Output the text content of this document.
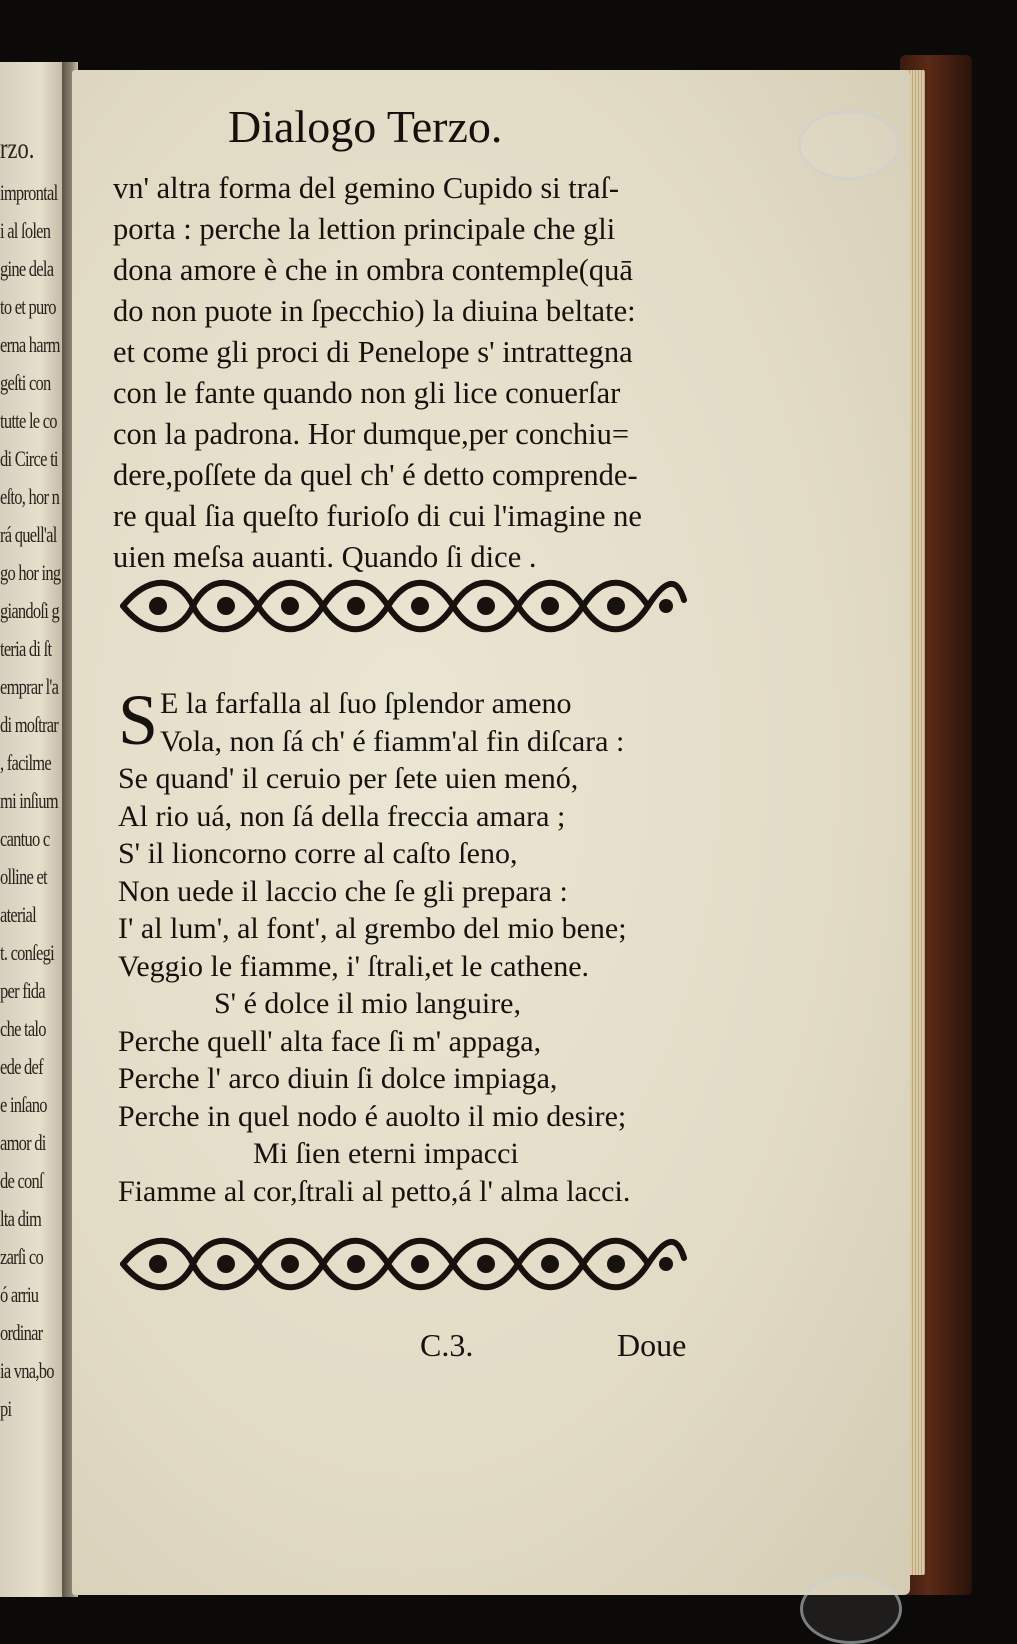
rzo.
improntal
i al ſolen
gine dela
to et puro
erna harm
geſti con
tutte le co
di Circe ti
eſto, hor n
rá quell'al
go hor ing
giandoſi g
teria di ſt
emprar l'a
di moſtrar
, facilme
mi inſium
cantuo c
olline et
aterial
t. conſegi
per fida
che talo
ede def
e inſano
amor di
de conſ
lta dim
zarſi co
ó arriu
ordinar
ia vna,bo
pi
Dialogo Terzo.
vn' altra forma del gemino Cupido si traſ-
porta : perche la lettion principale che gli
dona amore è che in ombra contemple(quā
do non puote in ſpecchio) la diuina beltate:
et come gli proci di Penelope s' intrattegna
con le fante quando non gli lice conuerſar
con la padrona. Hor dumque,per conchiu=
dere,poſſete da quel ch' é detto comprende-
re qual ſia queſto furioſo di cui l'imagine ne
uien meſsa auanti. Quando ſi dice .
S E la farfalla al ſuo ſplendor ameno
Vola, non ſá ch' é fiamm'al fin diſcara :
Se quand' il ceruio per ſete uien menó,
Al rio uá, non ſá della freccia amara ;
S' il lioncorno corre al caſto ſeno,
Non uede il laccio che ſe gli prepara :
I' al lum', al font', al grembo del mio bene;
Veggio le fiamme, i' ſtrali,et le cathene.
S' é dolce il mio languire,
Perche quell' alta face ſi m' appaga,
Perche l' arco diuin ſi dolce impiaga,
Perche in quel nodo é auolto il mio desire;
Mi ſien eterni impacci
Fiamme al cor,ſtrali al petto,á l' alma lacci.
C.3.	Doue
